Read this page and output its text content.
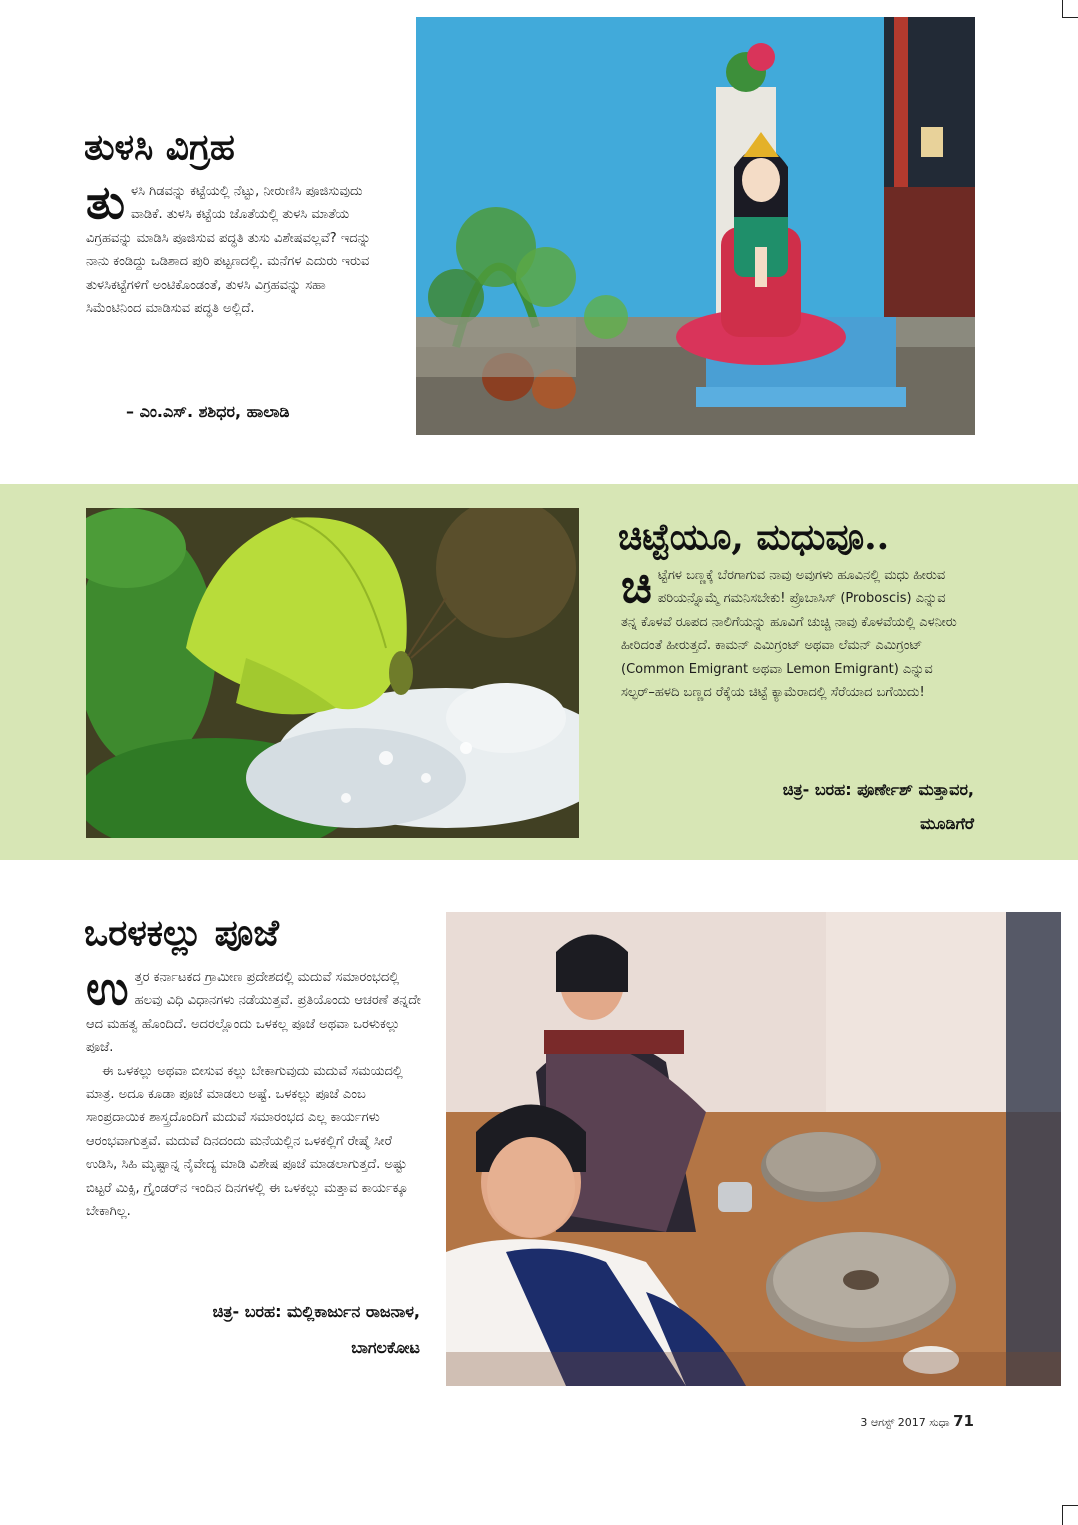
ತುಳಸಿ ವಿಗ್ರಹ
ತು ಳಸಿ ಗಿಡವನ್ನು ಕಟ್ಟೆಯಲ್ಲಿ ನೆಟ್ಟು, ನೀರುಣಿಸಿ ಪೂಜಿಸುವುದು ವಾಡಿಕೆ. ತುಳಸಿ ಕಟ್ಟೆಯ ಜೊತೆಯಲ್ಲಿ ತುಳಸಿ ಮಾತೆಯ ವಿಗ್ರಹವನ್ನು ಮಾಡಿಸಿ ಪೂಜಿಸುವ ಪದ್ಧತಿ ತುಸು ವಿಶೇಷವಲ್ಲವೆ? ಇದನ್ನು ನಾನು ಕಂಡಿದ್ದು ಒಡಿಶಾದ ಪುರಿ ಪಟ್ಟಣದಲ್ಲಿ. ಮನೆಗಳ ಎದುರು ಇರುವ ತುಳಸಿಕಟ್ಟೆಗಳಿಗೆ ಅಂಟಿಕೊಂಡಂತೆ, ತುಳಸಿ ವಿಗ್ರಹವನ್ನು ಸಹಾ ಸಿಮೆಂಟಿನಿಂದ ಮಾಡಿಸುವ ಪದ್ಧತಿ ಅಲ್ಲಿದೆ.
– ಎಂ.ಎಸ್. ಶಶಿಧರ, ಹಾಲಾಡಿ
ಚಿಟ್ಟೆಯೂ, ಮಧುವೂ..
ಚಿ ಟ್ಟೆಗಳ ಬಣ್ಣಕ್ಕೆ ಬೆರಗಾಗುವ ನಾವು ಅವುಗಳು ಹೂವಿನಲ್ಲಿ ಮಧು ಹೀರುವ ಪರಿಯನ್ನೊಮ್ಮೆ ಗಮನಿಸಬೇಕು! ಪ್ರೊಬಾಸಿಸ್ (Proboscis) ಎನ್ನುವ ತನ್ನ ಕೊಳವೆ ರೂಪದ ನಾಲಿಗೆಯನ್ನು ಹೂವಿಗೆ ಚುಚ್ಚಿ ನಾವು ಕೊಳವೆಯಲ್ಲಿ ಎಳನೀರು ಹೀರಿದಂತೆ ಹೀರುತ್ತದೆ. ಕಾಮನ್ ಎಮಿಗ್ರಂಟ್ ಅಥವಾ ಲೆಮನ್ ಎಮಿಗ್ರಂಟ್ (Common Emigrant ಅಥವಾ Lemon Emigrant) ಎನ್ನುವ ಸಲ್ಫರ್–ಹಳದಿ ಬಣ್ಣದ ರೆಕ್ಕೆಯ ಚಿಟ್ಟೆ ಕ್ಯಾಮೆರಾದಲ್ಲಿ ಸೆರೆಯಾದ ಬಗೆಯಿದು!
ಚಿತ್ರ- ಬರಹ: ಪೂರ್ಣೇಶ್ ಮತ್ತಾವರ,
ಮೂಡಿಗೆರೆ
ಒರಳಕಲ್ಲು ಪೂಜೆ

ಉ ತ್ತರ ಕರ್ನಾಟಕದ ಗ್ರಾಮೀಣ ಪ್ರದೇಶದಲ್ಲಿ ಮದುವೆ ಸಮಾರಂಭದಲ್ಲಿ ಹಲವು ವಿಧಿ ವಿಧಾನಗಳು ನಡೆಯುತ್ತವೆ. ಪ್ರತಿಯೊಂದು ಆಚರಣೆ ತನ್ನದೇ ಆದ ಮಹತ್ವ ಹೊಂದಿದೆ. ಅದರಲ್ಲೊಂದು ಒಳಕಲ್ಲ ಪೂಜೆ ಅಥವಾ ಒರಳುಕಲ್ಲು ಪೂಜೆ.

ಈ ಒಳಕಲ್ಲು ಅಥವಾ ಬೀಸುವ ಕಲ್ಲು ಬೇಕಾಗುವುದು ಮದುವೆ ಸಮಯದಲ್ಲಿ ಮಾತ್ರ. ಅದೂ ಕೂಡಾ ಪೂಜೆ ಮಾಡಲು ಅಷ್ಟೆ. ಒಳಕಲ್ಲು ಪೂಜೆ ಎಂಬ ಸಾಂಪ್ರದಾಯಿಕ ಶಾಸ್ತ್ರದೊಂದಿಗೆ ಮದುವೆ ಸಮಾರಂಭದ ಎಲ್ಲ ಕಾರ್ಯಗಳು ಆರಂಭವಾಗುತ್ತವೆ. ಮದುವೆ ದಿನದಂದು ಮನೆಯಲ್ಲಿನ ಒಳಕಲ್ಲಿಗೆ ರೇಷ್ಮೆ ಸೀರೆ ಉಡಿಸಿ, ಸಿಹಿ ಮೃಷ್ಟಾನ್ನ ನೈವೇದ್ಯ ಮಾಡಿ ವಿಶೇಷ ಪೂಜೆ ಮಾಡಲಾಗುತ್ತದೆ. ಅಷ್ಟು ಬಿಟ್ಟರೆ ಮಿಕ್ಸಿ, ಗ್ರೈಂಡರ್‌ನ ಇಂದಿನ ದಿನಗಳಲ್ಲಿ ಈ ಒಳಕಲ್ಲು ಮತ್ತಾವ ಕಾರ್ಯಕ್ಕೂ ಬೇಕಾಗಿಲ್ಲ.

ಚಿತ್ರ- ಬರಹ: ಮಲ್ಲಿಕಾರ್ಜುನ ರಾಜನಾಳ,
ಬಾಗಲಕೋಟ
3 ಆಗಸ್ಟ್ 2017 ಸುಧಾ 71
